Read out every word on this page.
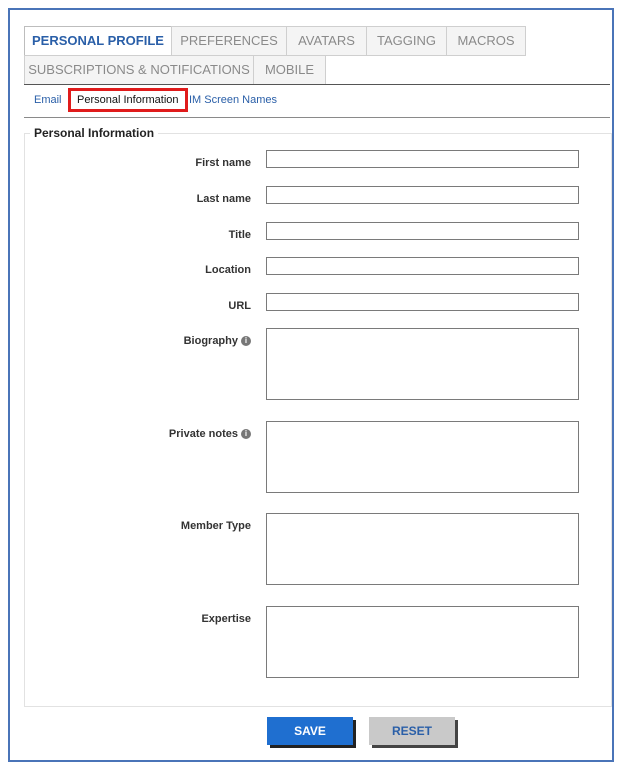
PERSONAL PROFILE	PREFERENCES	AVATARS	TAGGING	MACROS
SUBSCRIPTIONS & NOTIFICATIONS	MOBILE
Email	Personal Information IM Screen Names
Personal Information
First name
Last name
Title
Location
URL
Biography i
Private notes i
Member Type
Expertise
SAVE	RESET
